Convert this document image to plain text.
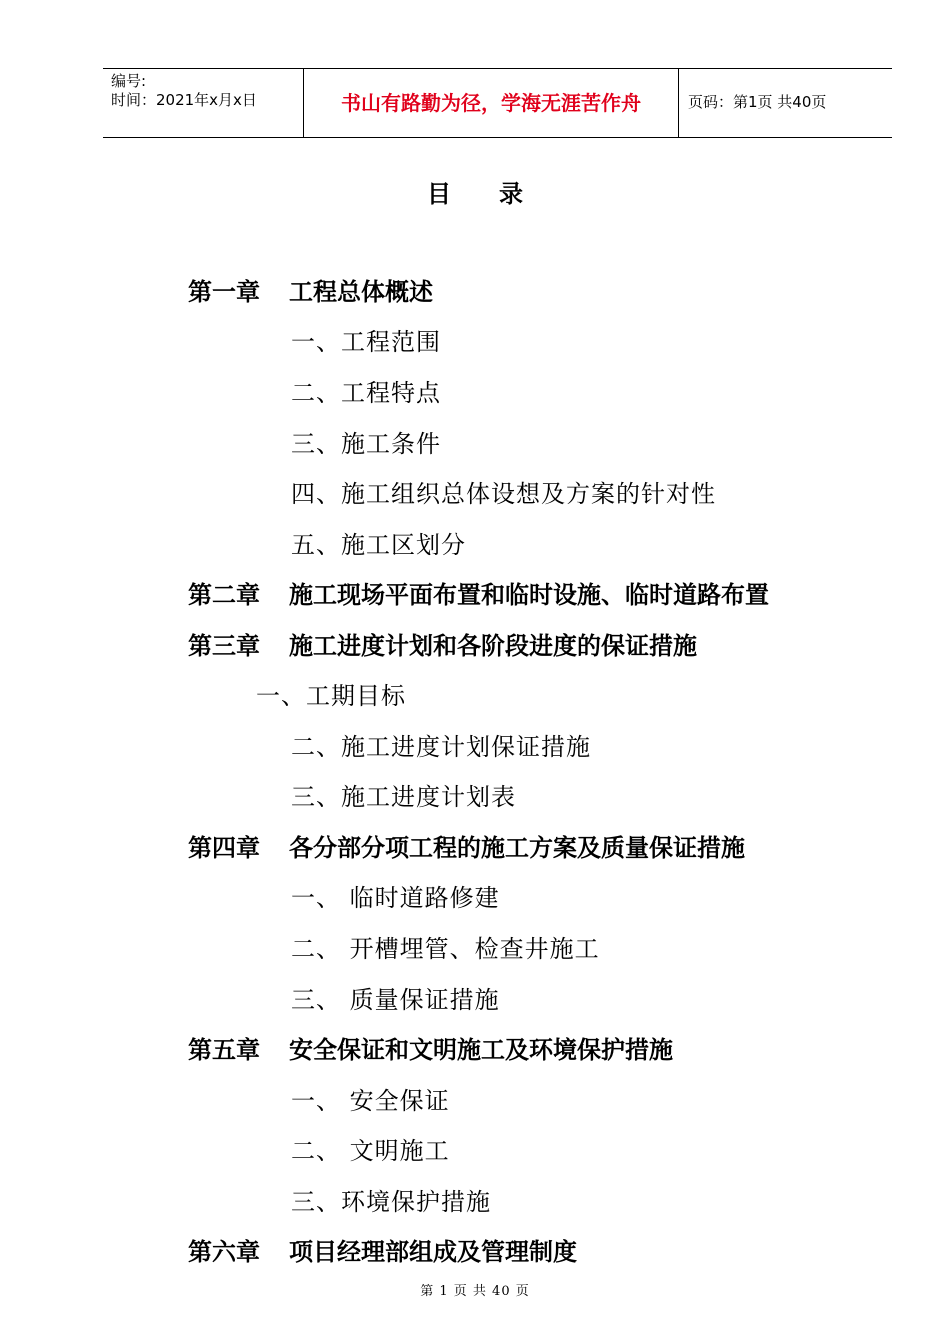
编号:
时间：2021年x月x日	书山有路勤为径，学海无涯苦作舟	页码：第1页 共40页
目录
第一章 工程总体概述
一、工程范围
二、工程特点
三、施工条件
四、施工组织总体设想及方案的针对性
五、施工区划分
第二章 施工现场平面布置和临时设施、临时道路布置
第三章 施工进度计划和各阶段进度的保证措施
一、工期目标
二、施工进度计划保证措施
三、施工进度计划表
第四章 各分部分项工程的施工方案及质量保证措施
一、 临时道路修建
二、 开槽埋管、检查井施工
三、 质量保证措施
第五章 安全保证和文明施工及环境保护措施
一、 安全保证
二、 文明施工
三、环境保护措施
第六章 项目经理部组成及管理制度
第 1 页 共 40 页
